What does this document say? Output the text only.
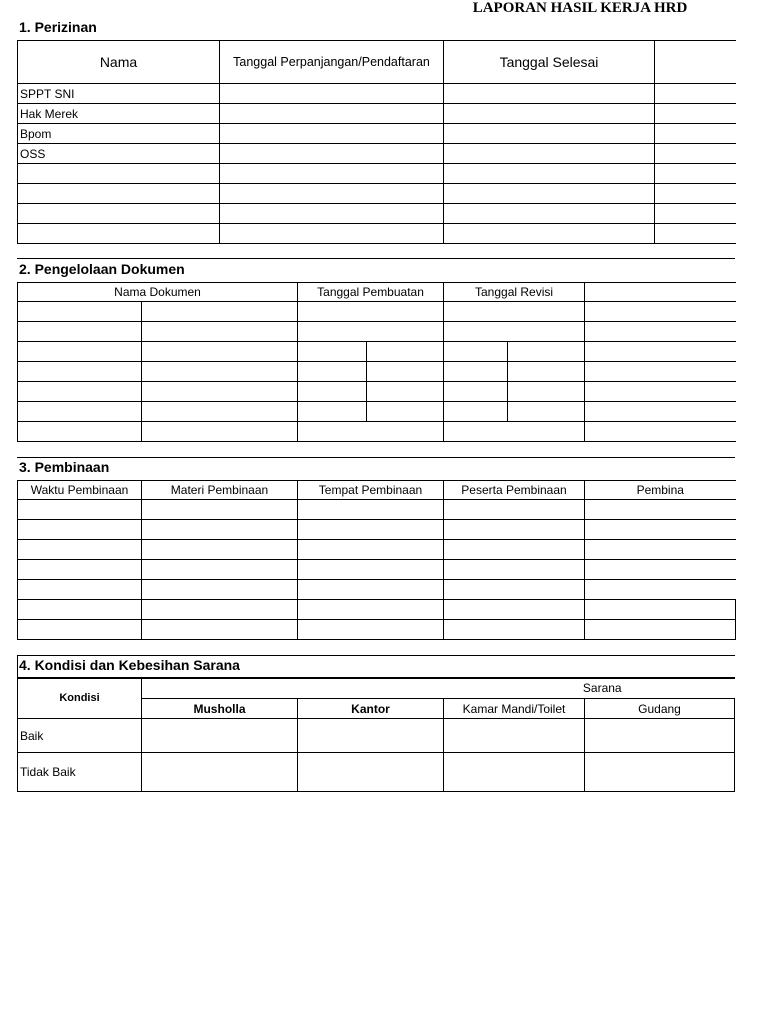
LAPORAN HASIL KERJA HRD
1. Perizinan
Nama	Tanggal Perpanjangan/Pendaftaran	Tanggal Selesai	
SPPT SNI			
Hak Merek			
Bpom			
OSS			

2. Pengelolaan Dokumen
Nama Dokumen		Tanggal Pembuatan		Tanggal Revisi		

3. Pembinaan
Waktu Pembinaan	Materi Pembinaan	Tempat Pembinaan	Peserta Pembinaan	Pembina

4. Kondisi dan Kebesihan Sarana
Kondisi	Sarana			
	Musholla	Kantor	Kamar Mandi/Toilet	Gudang
Baik				
Tidak Baik				
